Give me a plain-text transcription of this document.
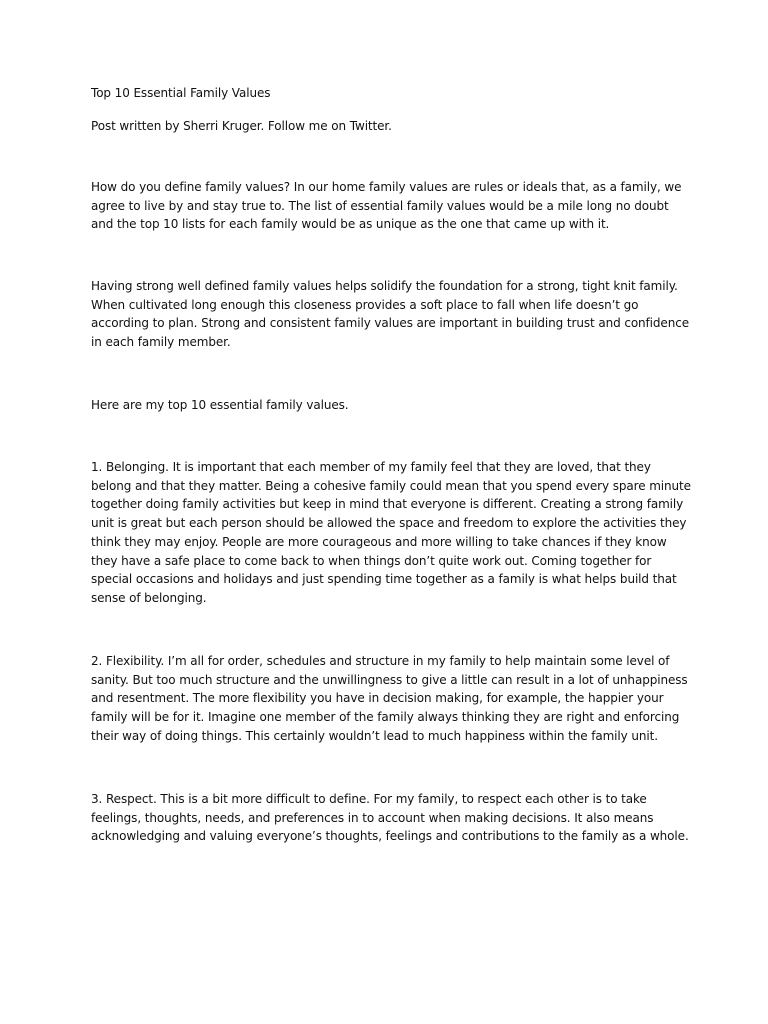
Top 10 Essential Family Values

Post written by Sherri Kruger. Follow me on Twitter.

How do you define family values? In our home family values are rules or ideals that, as a family, we agree to live by and stay true to. The list of essential family values would be a mile long no doubt and the top 10 lists for each family would be as unique as the one that came up with it.

Having strong well defined family values helps solidify the foundation for a strong, tight knit family. When cultivated long enough this closeness provides a soft place to fall when life doesn’t go according to plan. Strong and consistent family values are important in building trust and confidence in each family member.

Here are my top 10 essential family values.

1. Belonging. It is important that each member of my family feel that they are loved, that they belong and that they matter. Being a cohesive family could mean that you spend every spare minute together doing family activities but keep in mind that everyone is different. Creating a strong family unit is great but each person should be allowed the space and freedom to explore the activities they think they may enjoy. People are more courageous and more willing to take chances if they know they have a safe place to come back to when things don’t quite work out. Coming together for special occasions and holidays and just spending time together as a family is what helps build that sense of belonging.

2. Flexibility. I’m all for order, schedules and structure in my family to help maintain some level of sanity. But too much structure and the unwillingness to give a little can result in a lot of unhappiness and resentment. The more flexibility you have in decision making, for example, the happier your family will be for it. Imagine one member of the family always thinking they are right and enforcing their way of doing things. This certainly wouldn’t lead to much happiness within the family unit.

3. Respect. This is a bit more difficult to define. For my family, to respect each other is to take feelings, thoughts, needs, and preferences in to account when making decisions. It also means acknowledging and valuing everyone’s thoughts, feelings and contributions to the family as a whole.
